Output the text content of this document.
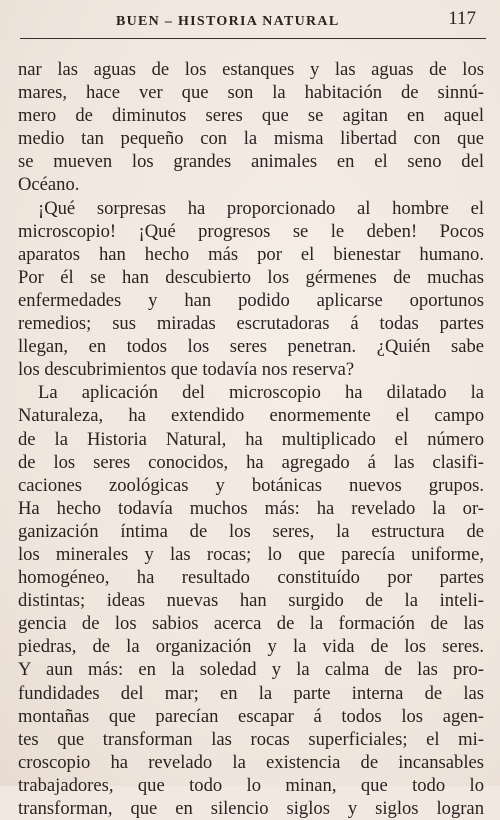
BUEN – HISTORIA NATURAL	117
nar las aguas de los estanques y las aguas de los
mares, hace ver que son la habitación de sinnú-
mero de diminutos seres que se agitan en aquel
medio tan pequeño con la misma libertad con que
se mueven los grandes animales en el seno del
Océano.
¡Qué sorpresas ha proporcionado al hombre el
microscopio! ¡Qué progresos se le deben! Pocos
aparatos han hecho más por el bienestar humano.
Por él se han descubierto los gérmenes de muchas
enfermedades y han podido aplicarse oportunos
remedios; sus miradas escrutadoras á todas partes
llegan, en todos los seres penetran. ¿Quién sabe
los descubrimientos que todavía nos reserva?
La aplicación del microscopio ha dilatado la
Naturaleza, ha extendido enormemente el campo
de la Historia Natural, ha multiplicado el número
de los seres conocidos, ha agregado á las clasifi-
caciones zoológicas y botánicas nuevos grupos.
Ha hecho todavía muchos más: ha revelado la or-
ganización íntima de los seres, la estructura de
los minerales y las rocas; lo que parecía uniforme,
homogéneo, ha resultado constituído por partes
distintas; ideas nuevas han surgido de la inteli-
gencia de los sabios acerca de la formación de las
piedras, de la organización y la vida de los seres.
Y aun más: en la soledad y la calma de las pro-
fundidades del mar; en la parte interna de las
montañas que parecían escapar á todos los agen-
tes que transforman las rocas superficiales; el mi-
croscopio ha revelado la existencia de incansables
trabajadores, que todo lo minan, que todo lo
transforman, que en silencio siglos y siglos logran
